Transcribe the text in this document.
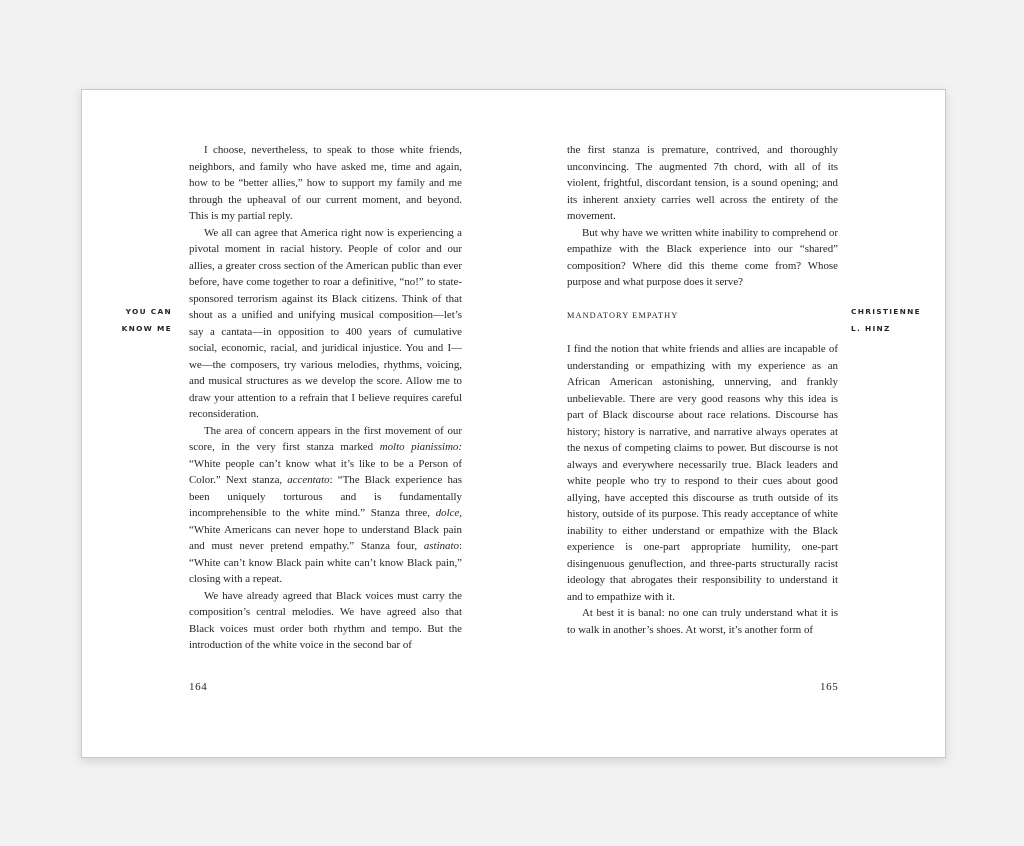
YOU CAN
KNOW ME

I choose, nevertheless, to speak to those white friends, neighbors, and family who have asked me, time and again, how to be “better allies,” how to support my family and me through the upheaval of our current moment, and beyond. This is my partial reply.

We all can agree that America right now is experiencing a pivotal moment in racial history. People of color and our allies, a greater cross section of the American public than ever before, have come together to roar a definitive, “no!” to state-sponsored terrorism against its Black citizens. Think of that shout as a unified and unifying musical composition—let’s say a cantata—in opposition to 400 years of cumulative social, economic, racial, and juridical injustice. You and I—we—the composers, try various melodies, rhythms, voicing, and musical structures as we develop the score. Allow me to draw your attention to a refrain that I believe requires careful reconsideration.

The area of concern appears in the first movement of our score, in the very first stanza marked molto pianissimo: “White people can’t know what it’s like to be a Person of Color.” Next stanza, accentato: “The Black experience has been uniquely torturous and is fundamentally incomprehensible to the white mind.” Stanza three, dolce, “White Americans can never hope to understand Black pain and must never pretend empathy.” Stanza four, astinato: “White can’t know Black pain white can’t know Black pain,” closing with a repeat.

We have already agreed that Black voices must carry the composition’s central melodies. We have agreed also that Black voices must order both rhythm and tempo. But the introduction of the white voice in the second bar of

164

the first stanza is premature, contrived, and thoroughly unconvincing. The augmented 7th chord, with all of its violent, frightful, discordant tension, is a sound opening; and its inherent anxiety carries well across the entirety of the movement.

But why have we written white inability to comprehend or empathize with the Black experience into our “shared” composition? Where did this theme come from? Whose purpose and what purpose does it serve?

MANDATORY EMPATHY

I find the notion that white friends and allies are incapable of understanding or empathizing with my experience as an African American astonishing, unnerving, and frankly unbelievable. There are very good reasons why this idea is part of Black discourse about race relations. Discourse has history; history is narrative, and narrative always operates at the nexus of competing claims to power. But discourse is not always and everywhere necessarily true. Black leaders and white people who try to respond to their cues about good allying, have accepted this discourse as truth outside of its history, outside of its purpose. This ready acceptance of white inability to either understand or empathize with the Black experience is one-part appropriate humility, one-part disingenuous genuflection, and three-parts structurally racist ideology that abrogates their responsibility to understand it and to empathize with it.

At best it is banal: no one can truly understand what it is to walk in another’s shoes. At worst, it’s another form of

CHRISTIENNE
L. HINZ
165
